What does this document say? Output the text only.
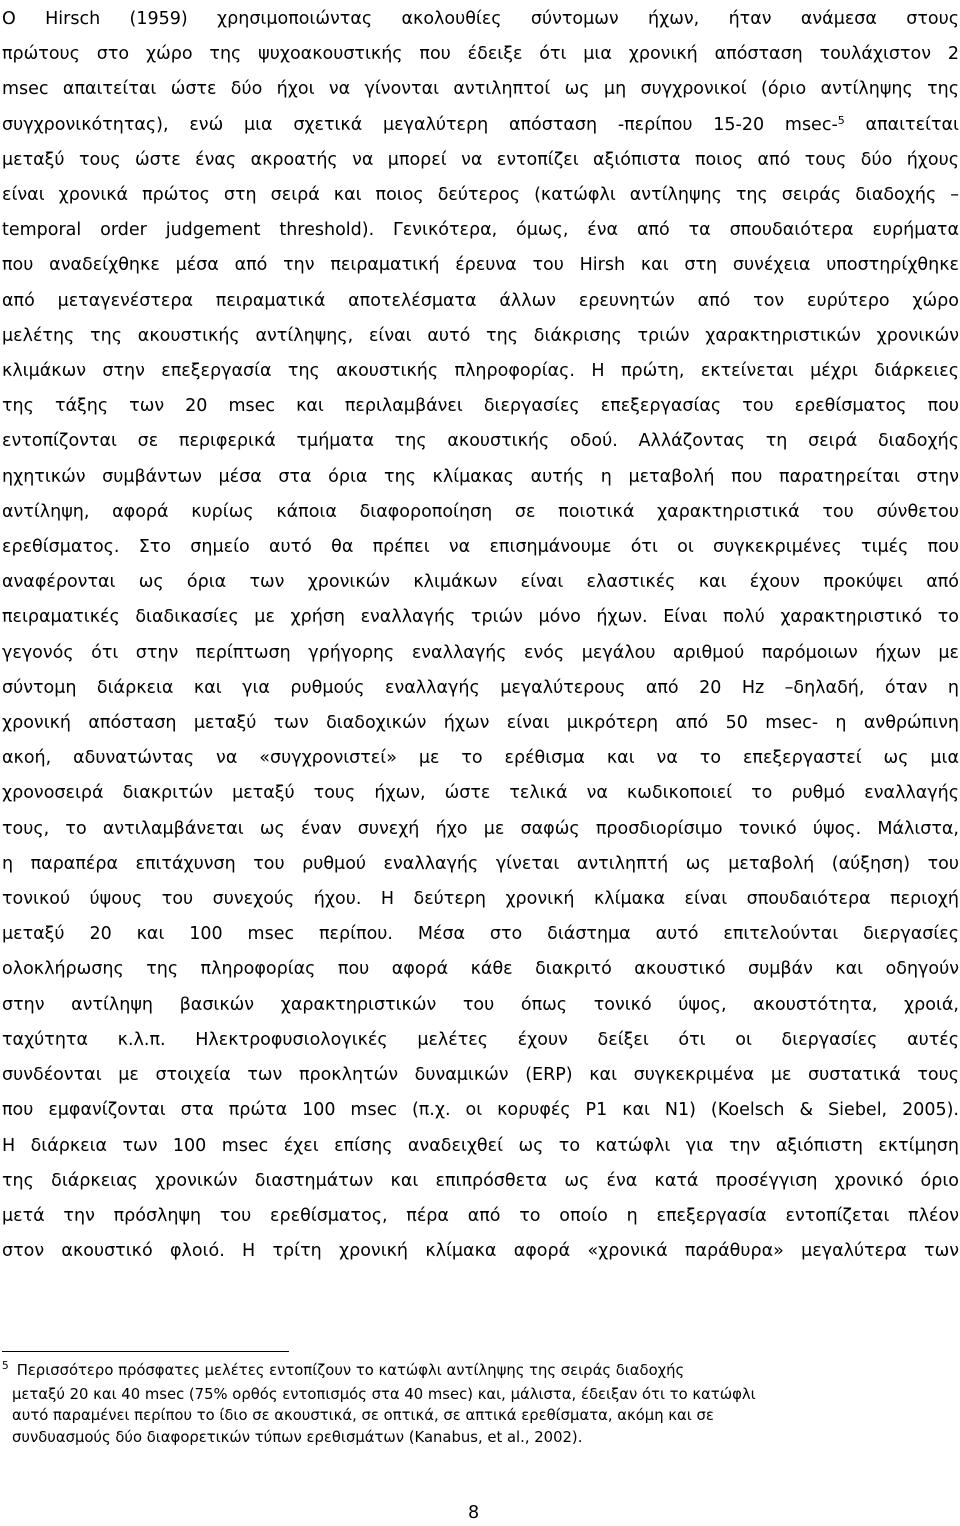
O Hirsch (1959) χρησιμοποιώντας ακολουθίες σύντομων ήχων, ήταν ανάμεσα στους
πρώτους στο χώρο της ψυχοακουστικής που έδειξε ότι μια χρονική απόσταση τουλάχιστον 2
msec απαιτείται ώστε δύο ήχοι να γίνονται αντιληπτοί ως μη συγχρονικοί (όριο αντίληψης της
συγχρονικότητας), ενώ μια σχετικά μεγαλύτερη απόσταση -περίπου 15-20 msec-$^5$ απαιτείται
μεταξύ τους ώστε ένας ακροατής να μπορεί να εντοπίζει αξιόπιστα ποιος από τους δύο ήχους
είναι χρονικά πρώτος στη σειρά και ποιος δεύτερος (κατώφλι αντίληψης της σειράς διαδοχής –
temporal order judgement threshold). Γενικότερα, όμως, ένα από τα σπουδαιότερα ευρήματα
που αναδείχθηκε μέσα από την πειραματική έρευνα του Hirsh και στη συνέχεια υποστηρίχθηκε
από μεταγενέστερα πειραματικά αποτελέσματα άλλων ερευνητών από τον ευρύτερο χώρο
μελέτης της ακουστικής αντίληψης, είναι αυτό της διάκρισης τριών χαρακτηριστικών χρονικών
κλιμάκων στην επεξεργασία της ακουστικής πληροφορίας. Η πρώτη, εκτείνεται μέχρι διάρκειες
της τάξης των 20 msec και περιλαμβάνει διεργασίες επεξεργασίας του ερεθίσματος που
εντοπίζονται σε περιφερικά τμήματα της ακουστικής οδού. Αλλάζοντας τη σειρά διαδοχής
ηχητικών συμβάντων μέσα στα όρια της κλίμακας αυτής η μεταβολή που παρατηρείται στην
αντίληψη, αφορά κυρίως κάποια διαφοροποίηση σε ποιοτικά χαρακτηριστικά του σύνθετου
ερεθίσματος. Στο σημείο αυτό θα πρέπει να επισημάνουμε ότι οι συγκεκριμένες τιμές που
αναφέρονται ως όρια των χρονικών κλιμάκων είναι ελαστικές και έχουν προκύψει από
πειραματικές διαδικασίες με χρήση εναλλαγής τριών μόνο ήχων. Είναι πολύ χαρακτηριστικό το
γεγονός ότι στην περίπτωση γρήγορης εναλλαγής ενός μεγάλου αριθμού παρόμοιων ήχων με
σύντομη διάρκεια και για ρυθμούς εναλλαγής μεγαλύτερους από 20 Hz –δηλαδή, όταν η
χρονική απόσταση μεταξύ των διαδοχικών ήχων είναι μικρότερη από 50 msec- η ανθρώπινη
ακοή, αδυνατώντας να «συγχρονιστεί» με το ερέθισμα και να το επεξεργαστεί ως μια
χρονοσειρά διακριτών μεταξύ τους ήχων, ώστε τελικά να κωδικοποιεί το ρυθμό εναλλαγής
τους, το αντιλαμβάνεται ως έναν συνεχή ήχο με σαφώς προσδιορίσιμο τονικό ύψος. Μάλιστα,
η παραπέρα επιτάχυνση του ρυθμού εναλλαγής γίνεται αντιληπτή ως μεταβολή (αύξηση) του
τονικού ύψους του συνεχούς ήχου. Η δεύτερη χρονική κλίμακα είναι σπουδαιότερα περιοχή
μεταξύ 20 και 100 msec περίπου. Μέσα στο διάστημα αυτό επιτελούνται διεργασίες
ολοκλήρωσης της πληροφορίας που αφορά κάθε διακριτό ακουστικό συμβάν και οδηγούν
στην αντίληψη βασικών χαρακτηριστικών του όπως τονικό ύψος, ακουστότητα, χροιά,
ταχύτητα κ.λ.π. Ηλεκτροφυσιολογικές μελέτες έχουν δείξει ότι οι διεργασίες αυτές
συνδέονται με στοιχεία των προκλητών δυναμικών (ERP) και συγκεκριμένα με συστατικά τους
που εμφανίζονται στα πρώτα 100 msec (π.χ. οι κορυφές P1 και N1) (Koelsch & Siebel, 2005).
Η διάρκεια των 100 msec έχει επίσης αναδειχθεί ως το κατώφλι για την αξιόπιστη εκτίμηση
της διάρκειας χρονικών διαστημάτων και επιπρόσθετα ως ένα κατά προσέγγιση χρονικό όριο
μετά την πρόσληψη του ερεθίσματος, πέρα από το οποίο η επεξεργασία εντοπίζεται πλέον
στον ακουστικό φλοιό. Η τρίτη χρονική κλίμακα αφορά «χρονικά παράθυρα» μεγαλύτερα των
$^5$ Περισσότερο πρόσφατες μελέτες εντοπίζουν το κατώφλι αντίληψης της σειράς διαδοχής
μεταξύ 20 και 40 msec (75% ορθός εντοπισμός στα 40 msec) και, μάλιστα, έδειξαν ότι το κατώφλι
αυτό παραμένει περίπου το ίδιο σε ακουστικά, σε οπτικά, σε απτικά ερεθίσματα, ακόμη και σε
συνδυασμούς δύο διαφορετικών τύπων ερεθισμάτων (Kanabus, et al., 2002).
8
